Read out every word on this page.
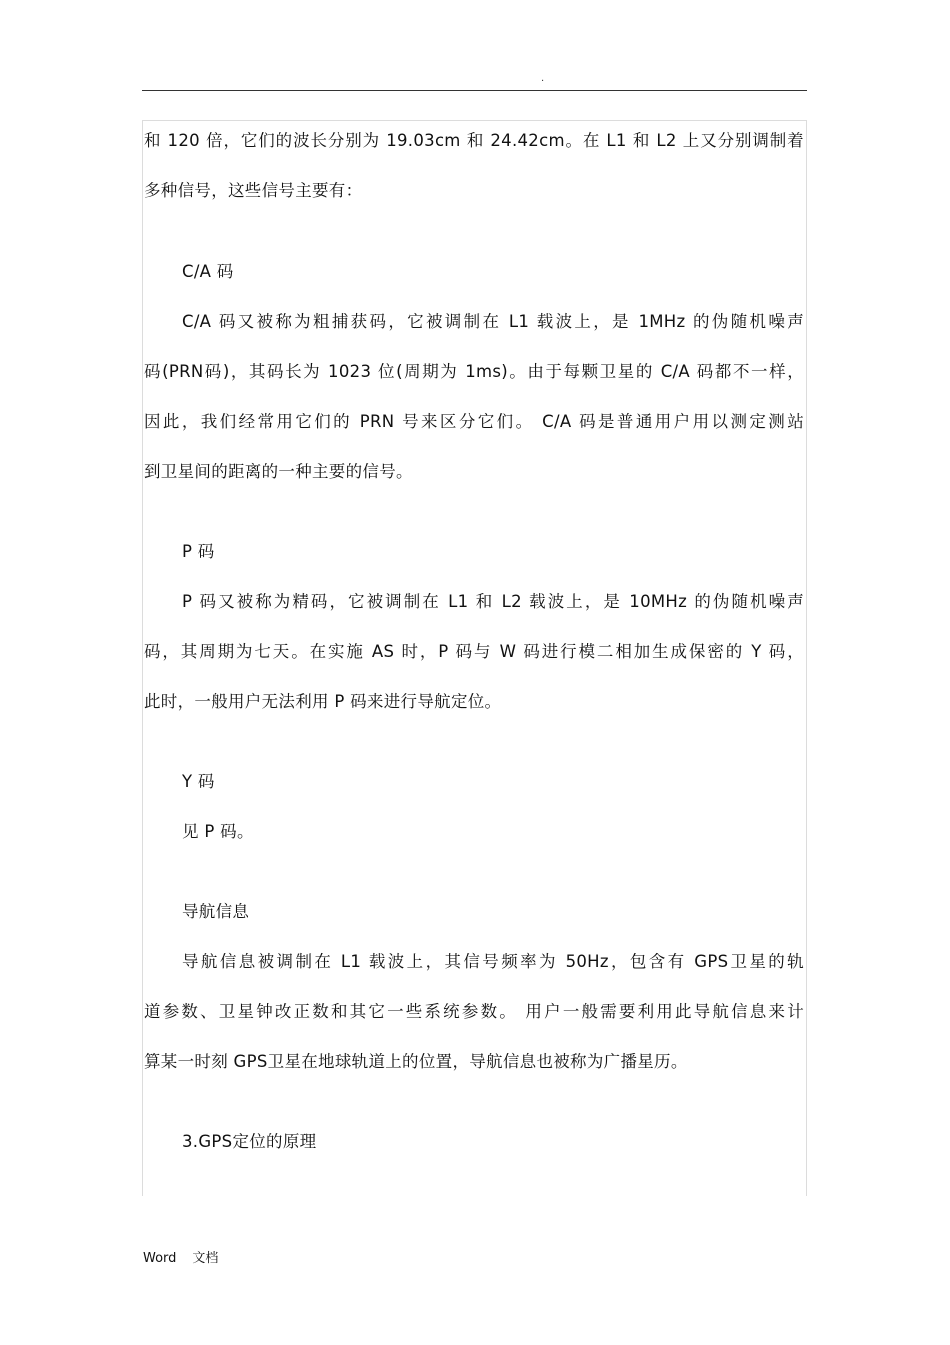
.
和 120 倍，它们的波长分别为 19.03cm 和 24.42cm。在 L1 和 L2 上又分别调制着
多种信号，这些信号主要有：
C/A 码
C/A 码又被称为粗捕获码，它被调制在 L1 载波上，是 1MHz 的伪随机噪声
码(PRN码)，其码长为 1023 位(周期为 1ms)。由于每颗卫星的 C/A 码都不一样，
因此，我们经常用它们的 PRN 号来区分它们。 C/A 码是普通用户用以测定测站
到卫星间的距离的一种主要的信号。
P 码
P 码又被称为精码，它被调制在 L1 和 L2 载波上，是 10MHz 的伪随机噪声
码，其周期为七天。在实施 AS 时，P 码与 W 码进行模二相加生成保密的 Y 码，
此时，一般用户无法利用 P 码来进行导航定位。
Y 码
见 P 码。
导航信息
导航信息被调制在 L1 载波上，其信号频率为 50Hz，包含有 GPS卫星的轨
道参数、卫星钟改正数和其它一些系统参数。 用户一般需要利用此导航信息来计
算某一时刻 GPS卫星在地球轨道上的位置，导航信息也被称为广播星历。
3.GPS定位的原理
Word 文档
